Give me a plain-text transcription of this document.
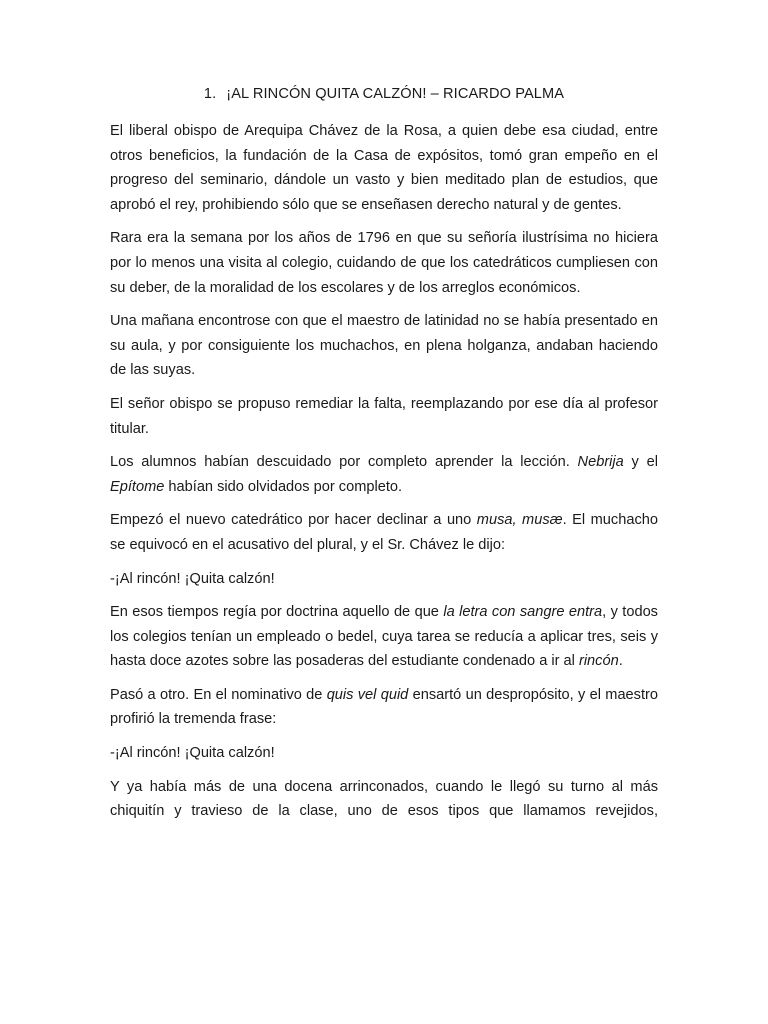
1. ¡AL RINCÓN QUITA CALZÓN! – RICARDO PALMA

El liberal obispo de Arequipa Chávez de la Rosa, a quien debe esa ciudad, entre otros beneficios, la fundación de la Casa de expósitos, tomó gran empeño en el progreso del seminario, dándole un vasto y bien meditado plan de estudios, que aprobó el rey, prohibiendo sólo que se enseñasen derecho natural y de gentes.

Rara era la semana por los años de 1796 en que su señoría ilustrísima no hiciera por lo menos una visita al colegio, cuidando de que los catedráticos cumpliesen con su deber, de la moralidad de los escolares y de los arreglos económicos.

Una mañana encontrose con que el maestro de latinidad no se había presentado en su aula, y por consiguiente los muchachos, en plena holganza, andaban haciendo de las suyas.

El señor obispo se propuso remediar la falta, reemplazando por ese día al profesor titular.

Los alumnos habían descuidado por completo aprender la lección. Nebrija y el Epítome habían sido olvidados por completo.

Empezó el nuevo catedrático por hacer declinar a uno musa, musæ. El muchacho se equivocó en el acusativo del plural, y el Sr. Chávez le dijo:

-¡Al rincón! ¡Quita calzón!

En esos tiempos regía por doctrina aquello de que la letra con sangre entra, y todos los colegios tenían un empleado o bedel, cuya tarea se reducía a aplicar tres, seis y hasta doce azotes sobre las posaderas del estudiante condenado a ir al rincón.

Pasó a otro. En el nominativo de quis vel quid ensartó un despropósito, y el maestro profirió la tremenda frase:

-¡Al rincón! ¡Quita calzón!

Y ya había más de una docena arrinconados, cuando le llegó su turno al más chiquitín y travieso de la clase, uno de esos tipos que llamamos revejidos,
